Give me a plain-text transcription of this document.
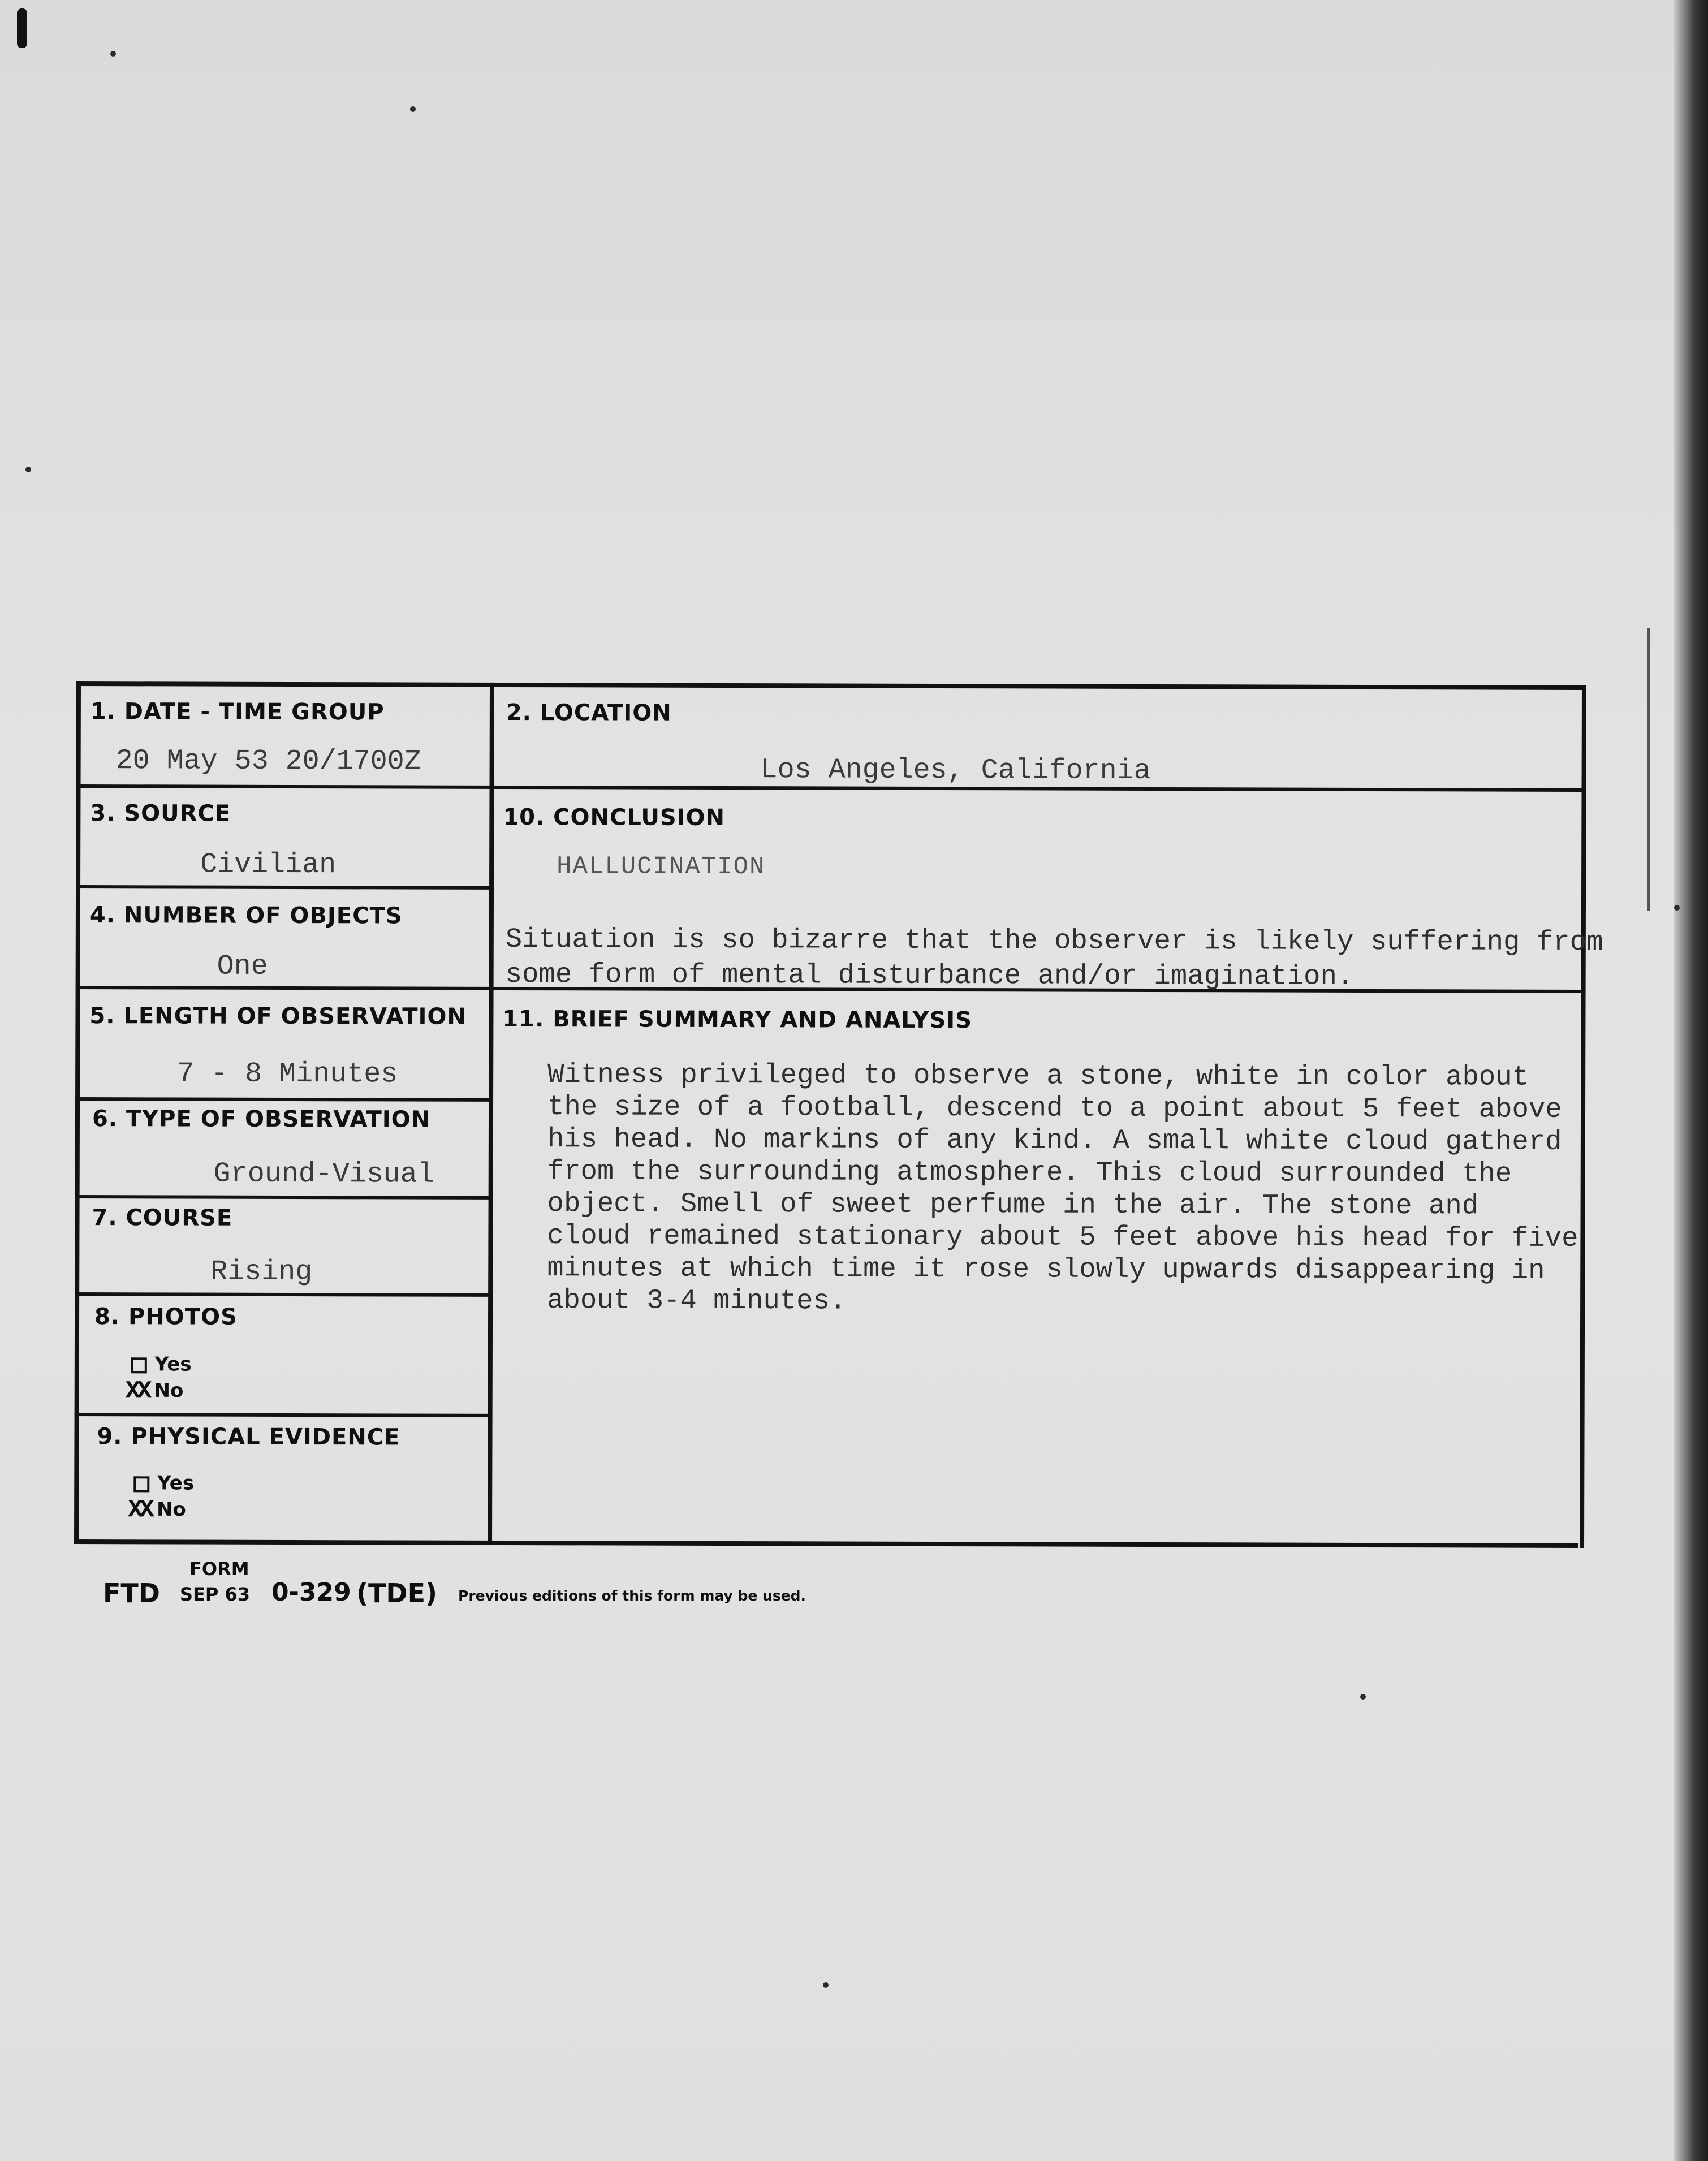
1. DATE - TIME GROUP
20 May 53 20/1700Z
2. LOCATION
Los Angeles, California
3. SOURCE
Civilian
4. NUMBER OF OBJECTS
One
5. LENGTH OF OBSERVATION
7 - 8 Minutes
6. TYPE OF OBSERVATION
Ground-Visual
7. COURSE
Rising
8. PHOTOS
Yes
XX No
9. PHYSICAL EVIDENCE
Yes
XX No
10. CONCLUSION
HALLUCINATION
Situation is so bizarre that the observer is likely suffering from
some form of mental disturbance and/or imagination.
11. BRIEF SUMMARY AND ANALYSIS
Witness privileged to observe a stone, white in color about
the size of a football, descend to a point about 5 feet above
his head. No markins of any kind. A small white cloud gatherd
from the surrounding atmosphere. This cloud surrounded the
object. Smell of sweet perfume in the air. The stone and
cloud remained stationary about 5 feet above his head for five
minutes at which time it rose slowly upwards disappearing in
about 3-4 minutes.
FORM
FTD SEP 63 0-329 (TDE) Previous editions of this form may be used.
